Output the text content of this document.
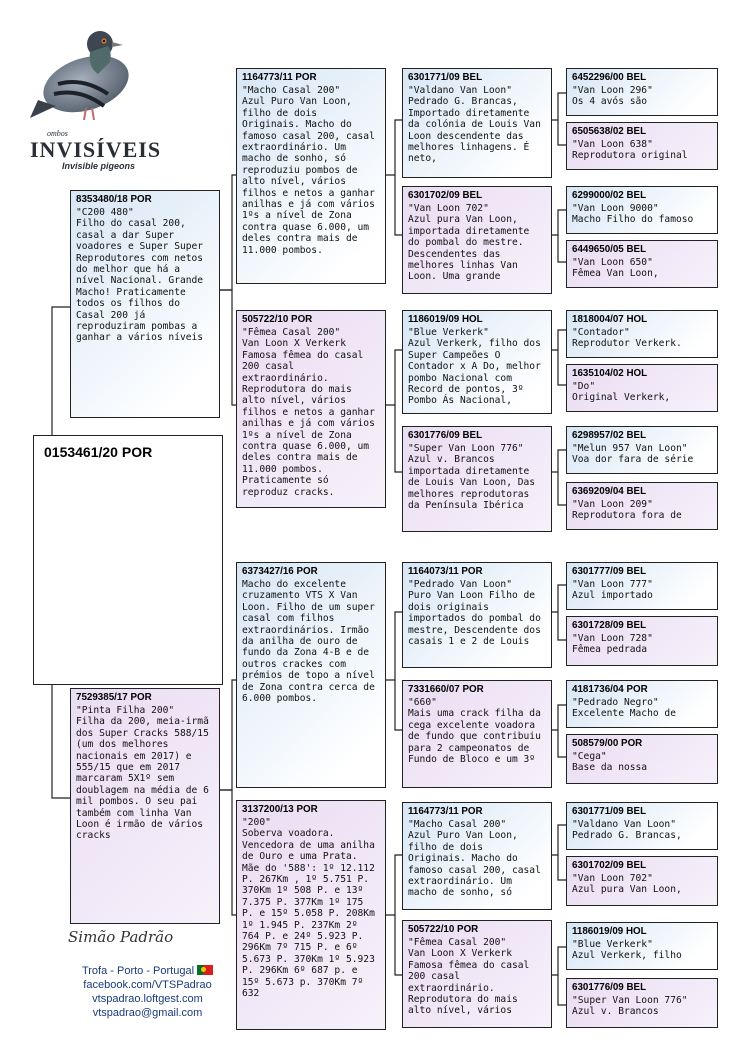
ombos
INVISÍVEIS
Invisible pigeons
0153461/20 POR
8353480/18 POR
"C200 480"
Filho do casal 200, casal a dar Super voadores e Super Super Reprodutores com netos do melhor que há a nível Nacional. Grande Macho! Praticamente todos os filhos do Casal 200 já reproduziram pombas a ganhar a vários níveis
7529385/17 POR
"Pinta Filha 200"
Filha da 200, meia-irmã dos Super Cracks 588/15 (um dos melhores nacionais em 2017) e 555/15 que em 2017 marcaram 5X1º sem doublagem na média de 6 mil pombos. O seu pai também com linha Van Loon é irmão de vários cracks
1164773/11 POR
"Macho Casal 200"
Azul Puro Van Loon, filho de dois Originais. Macho do famoso casal 200, casal extraordinário. Um macho de sonho, só reproduziu pombos de alto nível, vários filhos e netos a ganhar anilhas e já com vários 1ºs a nível de Zona contra quase 6.000, um deles contra mais de 11.000 pombos.
505722/10 POR
"Fêmea Casal 200"
Van Loon X Verkerk Famosa fêmea do casal 200 casal extraordinário. Reprodutora do mais alto nível, vários filhos e netos a ganhar anilhas e já com vários 1ºs a nível de Zona contra quase 6.000, um deles contra mais de 11.000 pombos. Praticamente só reproduz cracks.
6373427/16 POR
Macho do excelente cruzamento VTS X Van Loon. Filho de um super casal com filhos extraordinários. Irmão da anilha de ouro de fundo da Zona 4-B e de outros crackes com prémios de topo a nível de Zona contra cerca de 6.000 pombos.
3137200/13 POR
"200"
Soberva voadora. Vencedora de uma anilha de Ouro e uma Prata. Mãe do '588': 1º 12.112 P. 267Km , 1º 5.751 P. 370Km 1º 508 P. e 13º 7.375 P. 377Km 1º 175 P. e 15º 5.058 P. 208Km 1º 1.945 P. 237Km 2º 764 P. e 24º 5.923 P. 296Km 7º 715 P. e 6º 5.673 P. 370Km 1º 5.923 P. 296Km 6º 687 p. e 15º 5.673 p. 370Km 7º 632
6301771/09 BEL
"Valdano Van Loon"
Pedrado G. Brancas, Importado diretamente da colónia de Louis Van Loon descendente das melhores linhagens. É neto,
6301702/09 BEL
"Van Loon 702"
Azul pura Van Loon, importada diretamente do pombal do mestre. Descendentes das melhores linhas Van Loon. Uma grande
1186019/09 HOL
"Blue Verkerk"
Azul Verkerk, filho dos Super Campeões O Contador x A Do, melhor pombo Nacional com Record de pontos, 3º Pombo Ás Nacional,
6301776/09 BEL
"Super Van Loon 776"
Azul v. Brancos importada diretamente de Louis Van Loon, Das melhores reprodutoras da Península Ibérica
1164073/11 POR
"Pedrado Van Loon"
Puro Van Loon Filho de dois originais importados do pombal do mestre, Descendente dos casais 1 e 2 de Louis
7331660/07 POR
"660"
Mais uma crack filha da cega excelente voadora de fundo que contribuiu para 2 campeonatos de Fundo de Bloco e um 3º
1164773/11 POR
"Macho Casal 200"
Azul Puro Van Loon, filho de dois Originais. Macho do famoso casal 200, casal extraordinário. Um macho de sonho, só
505722/10 POR
"Fêmea Casal 200"
Van Loon X Verkerk Famosa fêmea do casal 200 casal extraordinário. Reprodutora do mais alto nível, vários
6452296/00 BEL
"Van Loon 296"
Os 4 avós são
6505638/02 BEL
"Van Loon 638"
Reprodutora original
6299000/02 BEL
"Van Loon 9000"
Macho Filho do famoso
6449650/05 BEL
"Van Loon 650"
Fêmea Van Loon,
1818004/07 HOL
"Contador"
Reprodutor Verkerk.
1635104/02 HOL
"Do"
Original Verkerk,
6298957/02 BEL
"Melun 957 Van Loon"
Voa dor fara de série
6369209/04 BEL
"Van Loon 209"
Reprodutora fora de
6301777/09 BEL
"Van Loon 777"
Azul importado
6301728/09 BEL
"Van Loon 728"
Fêmea pedrada
4181736/04 POR
"Pedrado Negro"
Excelente Macho de
508579/00 POR
"Cega"
Base da nossa
6301771/09 BEL
"Valdano Van Loon"
Pedrado G. Brancas,
6301702/09 BEL
"Van Loon 702"
Azul pura Van Loon,
1186019/09 HOL
"Blue Verkerk"
Azul Verkerk, filho
6301776/09 BEL
"Super Van Loon 776"
Azul v. Brancos
Simão Padrão
Trofa - Porto - Portugal
facebook.com/VTSPadrao
vtspadrao.loftgest.com
vtspadrao@gmail.com
